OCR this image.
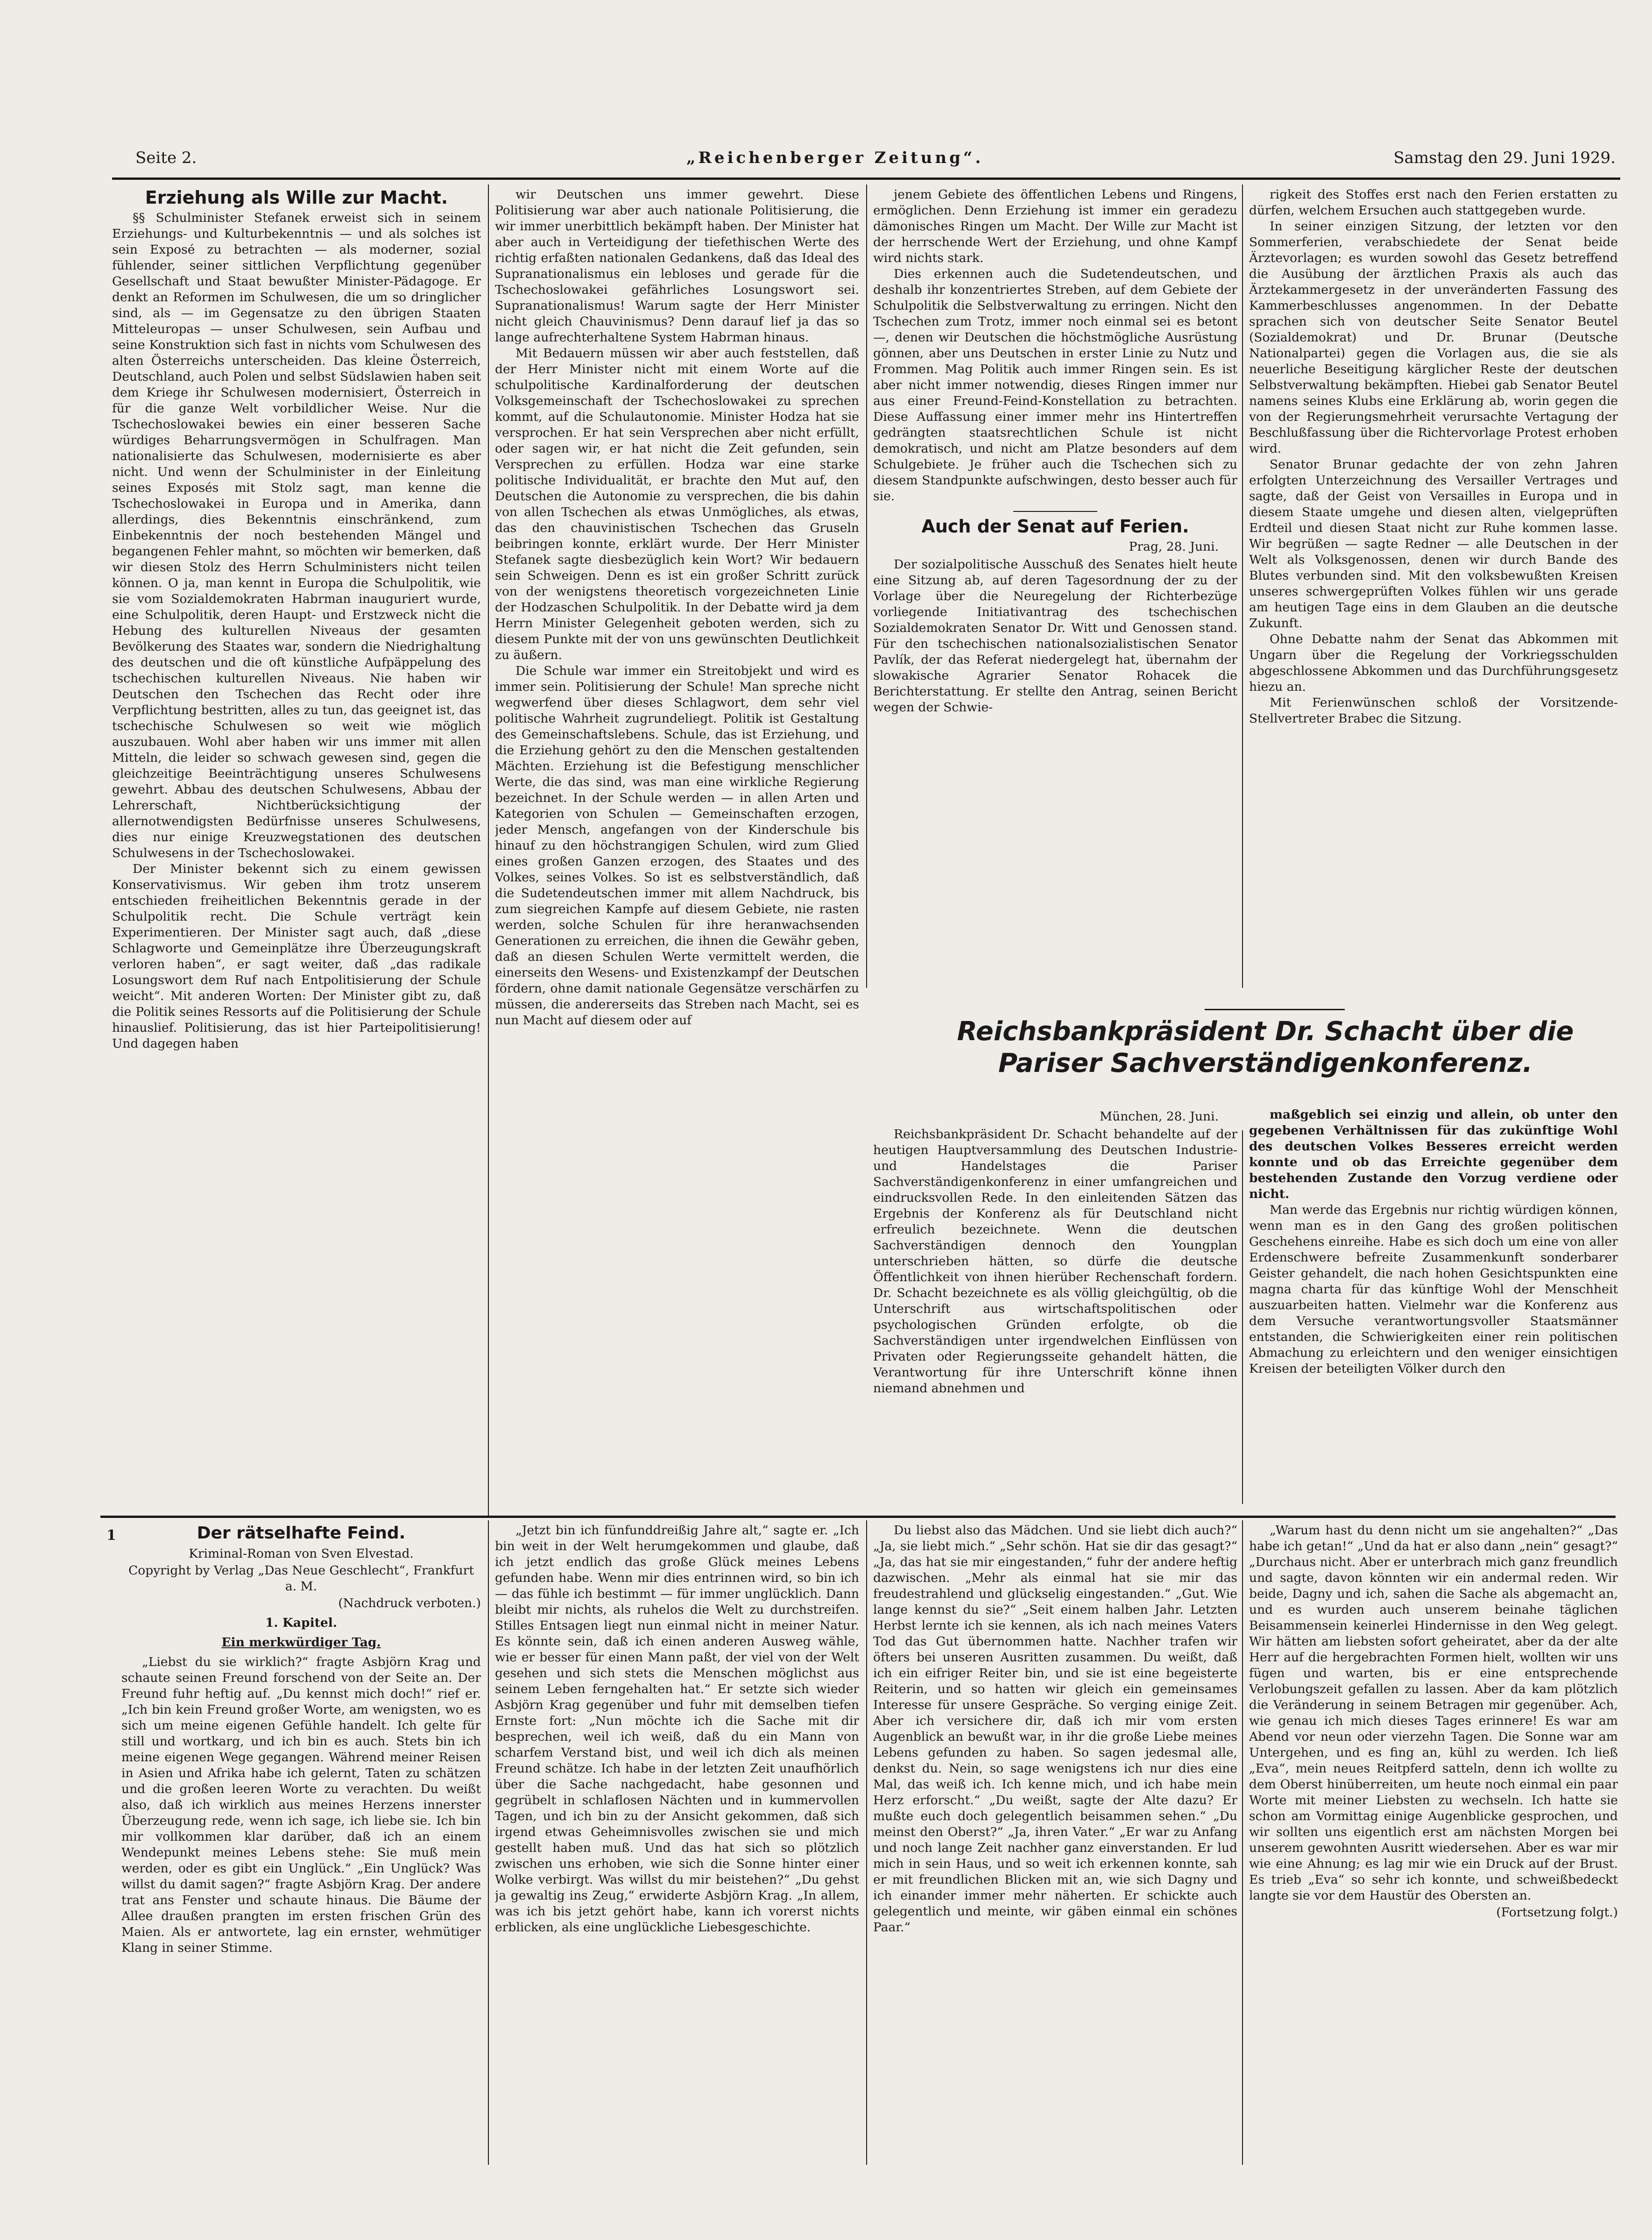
Seite 2.	„Reichenberger Zeitung“.	Samstag den 29. Juni 1929.
Erziehung als Wille zur Macht.

§§ Schulminister Stefanek erweist sich in seinem Erziehungs- und Kulturbekenntnis — und als solches ist sein Exposé zu betrachten — als moderner, sozial fühlender, seiner sittlichen Verpflichtung gegenüber Gesellschaft und Staat bewußter Minister-Pädagoge. Er denkt an Reformen im Schulwesen, die um so dringlicher sind, als — im Gegensatze zu den übrigen Staaten Mitteleuropas — unser Schulwesen, sein Aufbau und seine Konstruktion sich fast in nichts vom Schulwesen des alten Österreichs unterscheiden. Das kleine Österreich, Deutschland, auch Polen und selbst Südslawien haben seit dem Kriege ihr Schulwesen modernisiert, Österreich in für die ganze Welt vorbildlicher Weise. Nur die Tschechoslowakei bewies ein einer besseren Sache würdiges Beharrungsvermögen in Schulfragen. Man nationalisierte das Schulwesen, modernisierte es aber nicht. Und wenn der Schulminister in der Einleitung seines Exposés mit Stolz sagt, man kenne die Tschechoslowakei in Europa und in Amerika, dann allerdings, dies Bekenntnis einschränkend, zum Einbekenntnis der noch bestehenden Mängel und begangenen Fehler mahnt, so möchten wir bemerken, daß wir diesen Stolz des Herrn Schulministers nicht teilen können. O ja, man kennt in Europa die Schulpolitik, wie sie vom Sozialdemokraten Habrman inauguriert wurde, eine Schulpolitik, deren Haupt- und Erstzweck nicht die Hebung des kulturellen Niveaus der gesamten Bevölkerung des Staates war, sondern die Niedrighaltung des deutschen und die oft künstliche Aufpäppelung des tschechischen kulturellen Niveaus. Nie haben wir Deutschen den Tschechen das Recht oder ihre Verpflichtung bestritten, alles zu tun, das geeignet ist, das tschechische Schulwesen so weit wie möglich auszubauen. Wohl aber haben wir uns immer mit allen Mitteln, die leider so schwach gewesen sind, gegen die gleichzeitige Beeinträchtigung unseres Schulwesens gewehrt. Abbau des deutschen Schulwesens, Abbau der Lehrerschaft, Nichtberücksichtigung der allernotwendigsten Bedürfnisse unseres Schulwesens, dies nur einige Kreuzwegstationen des deutschen Schulwesens in der Tschechoslowakei.

Der Minister bekennt sich zu einem gewissen Konservativismus. Wir geben ihm trotz unserem entschieden freiheitlichen Bekenntnis gerade in der Schulpolitik recht. Die Schule verträgt kein Experimentieren. Der Minister sagt auch, daß „diese Schlagworte und Gemeinplätze ihre Überzeugungskraft verloren haben“, er sagt weiter, daß „das radikale Losungswort dem Ruf nach Entpolitisierung der Schule weicht“. Mit anderen Worten: Der Minister gibt zu, daß die Politik seines Ressorts auf die Politisierung der Schule hinauslief. Politisierung, das ist hier Parteipolitisierung! Und dagegen haben

wir Deutschen uns immer gewehrt. Diese Politisierung war aber auch nationale Politisierung, die wir immer unerbittlich bekämpft haben. Der Minister hat aber auch in Verteidigung der tiefethischen Werte des richtig erfaßten nationalen Gedankens, daß das Ideal des Supranationalismus ein lebloses und gerade für die Tschechoslowakei gefährliches Losungswort sei. Supranationalismus! Warum sagte der Herr Minister nicht gleich Chauvinismus? Denn darauf lief ja das so lange aufrechterhaltene System Habrman hinaus.

Mit Bedauern müssen wir aber auch feststellen, daß der Herr Minister nicht mit einem Worte auf die schulpolitische Kardinalforderung der deutschen Volksgemeinschaft der Tschechoslowakei zu sprechen kommt, auf die Schulautonomie. Minister Hodza hat sie versprochen. Er hat sein Versprechen aber nicht erfüllt, oder sagen wir, er hat nicht die Zeit gefunden, sein Versprechen zu erfüllen. Hodza war eine starke politische Individualität, er brachte den Mut auf, den Deutschen die Autonomie zu versprechen, die bis dahin von allen Tschechen als etwas Unmögliches, als etwas, das den chauvinistischen Tschechen das Gruseln beibringen konnte, erklärt wurde. Der Herr Minister Stefanek sagte diesbezüglich kein Wort? Wir bedauern sein Schweigen. Denn es ist ein großer Schritt zurück von der wenigstens theoretisch vorgezeichneten Linie der Hodzaschen Schulpolitik. In der Debatte wird ja dem Herrn Minister Gelegenheit geboten werden, sich zu diesem Punkte mit der von uns gewünschten Deutlichkeit zu äußern.

Die Schule war immer ein Streitobjekt und wird es immer sein. Politisierung der Schule! Man spreche nicht wegwerfend über dieses Schlagwort, dem sehr viel politische Wahrheit zugrundeliegt. Politik ist Gestaltung des Gemeinschaftslebens. Schule, das ist Erziehung, und die Erziehung gehört zu den die Menschen gestaltenden Mächten. Erziehung ist die Befestigung menschlicher Werte, die das sind, was man eine wirkliche Regierung bezeichnet. In der Schule werden — in allen Arten und Kategorien von Schulen — Gemeinschaften erzogen, jeder Mensch, angefangen von der Kinderschule bis hinauf zu den höchstrangigen Schulen, wird zum Glied eines großen Ganzen erzogen, des Staates und des Volkes, seines Volkes. So ist es selbstverständlich, daß die Sudetendeutschen immer mit allem Nachdruck, bis zum siegreichen Kampfe auf diesem Gebiete, nie rasten werden, solche Schulen für ihre heranwachsenden Generationen zu erreichen, die ihnen die Gewähr geben, daß an diesen Schulen Werte vermittelt werden, die einerseits den Wesens- und Existenzkampf der Deutschen fördern, ohne damit nationale Gegensätze verschärfen zu müssen, die andererseits das Streben nach Macht, sei es nun Macht auf diesem oder auf

jenem Gebiete des öffentlichen Lebens und Ringens, ermöglichen. Denn Erziehung ist immer ein geradezu dämonisches Ringen um Macht. Der Wille zur Macht ist der herrschende Wert der Erziehung, und ohne Kampf wird nichts stark.

Dies erkennen auch die Sudetendeutschen, und deshalb ihr konzentriertes Streben, auf dem Gebiete der Schulpolitik die Selbstverwaltung zu erringen. Nicht den Tschechen zum Trotz, immer noch einmal sei es betont —, denen wir Deutschen die höchstmögliche Ausrüstung gönnen, aber uns Deutschen in erster Linie zu Nutz und Frommen. Mag Politik auch immer Ringen sein. Es ist aber nicht immer notwendig, dieses Ringen immer nur aus einer Freund-Feind-Konstellation zu betrachten. Diese Auffassung einer immer mehr ins Hintertreffen gedrängten staatsrechtlichen Schule ist nicht demokratisch, und nicht am Platze besonders auf dem Schulgebiete. Je früher auch die Tschechen sich zu diesem Standpunkte aufschwingen, desto besser auch für sie.

Auch der Senat auf Ferien.
Prag, 28. Juni.

Der sozialpolitische Ausschuß des Senates hielt heute eine Sitzung ab, auf deren Tagesordnung der zu der Vorlage über die Neuregelung der Richterbezüge vorliegende Initiativantrag des tschechischen Sozialdemokraten Senator Dr. Witt und Genossen stand. Für den tschechischen nationalsozialistischen Senator Pavlík, der das Referat niedergelegt hat, übernahm der slowakische Agrarier Senator Rohacek die Berichterstattung. Er stellte den Antrag, seinen Bericht wegen der Schwie-

rigkeit des Stoffes erst nach den Ferien erstatten zu dürfen, welchem Ersuchen auch stattgegeben wurde.

In seiner einzigen Sitzung, der letzten vor den Sommerferien, verabschiedete der Senat beide Ärztevorlagen; es wurden sowohl das Gesetz betreffend die Ausübung der ärztlichen Praxis als auch das Ärztekammergesetz in der unveränderten Fassung des Kammerbeschlusses angenommen. In der Debatte sprachen sich von deutscher Seite Senator Beutel (Sozialdemokrat) und Dr. Brunar (Deutsche Nationalpartei) gegen die Vorlagen aus, die sie als neuerliche Beseitigung kärglicher Reste der deutschen Selbstverwaltung bekämpften. Hiebei gab Senator Beutel namens seines Klubs eine Erklärung ab, worin gegen die von der Regierungsmehrheit verursachte Vertagung der Beschlußfassung über die Richtervorlage Protest erhoben wird.

Senator Brunar gedachte der von zehn Jahren erfolgten Unterzeichnung des Versailler Vertrages und sagte, daß der Geist von Versailles in Europa und in diesem Staate umgehe und diesen alten, vielgeprüften Erdteil und diesen Staat nicht zur Ruhe kommen lasse. Wir begrüßen — sagte Redner — alle Deutschen in der Welt als Volksgenossen, denen wir durch Bande des Blutes verbunden sind. Mit den volksbewußten Kreisen unseres schwergeprüften Volkes fühlen wir uns gerade am heutigen Tage eins in dem Glauben an die deutsche Zukunft.

Ohne Debatte nahm der Senat das Abkommen mit Ungarn über die Regelung der Vorkriegsschulden abgeschlossene Abkommen und das Durchführungsgesetz hiezu an.

Mit Ferienwünschen schloß der Vorsitzende-Stellvertreter Brabec die Sitzung.

Reichsbankpräsident Dr. Schacht über die
Pariser Sachverständigenkonferenz.
München, 28. Juni.

Reichsbankpräsident Dr. Schacht behandelte auf der heutigen Hauptversammlung des Deutschen Industrie- und Handelstages die Pariser Sachverständigenkonferenz in einer umfangreichen und eindrucksvollen Rede. In den einleitenden Sätzen das Ergebnis der Konferenz als für Deutschland nicht erfreulich bezeichnete. Wenn die deutschen Sachverständigen dennoch den Youngplan unterschrieben hätten, so dürfe die deutsche Öffentlichkeit von ihnen hierüber Rechenschaft fordern. Dr. Schacht bezeichnete es als völlig gleichgültig, ob die Unterschrift aus wirtschaftspolitischen oder psychologischen Gründen erfolgte, ob die Sachverständigen unter irgendwelchen Einflüssen von Privaten oder Regierungsseite gehandelt hätten, die Verantwortung für ihre Unterschrift könne ihnen niemand abnehmen und

maßgeblich sei einzig und allein, ob unter den gegebenen Verhältnissen für das zukünftige Wohl des deutschen Volkes Besseres erreicht werden konnte und ob das Erreichte gegenüber dem bestehenden Zustande den Vorzug verdiene oder nicht.

Man werde das Ergebnis nur richtig würdigen können, wenn man es in den Gang des großen politischen Geschehens einreihe. Habe es sich doch um eine von aller Erdenschwere befreite Zusammenkunft sonderbarer Geister gehandelt, die nach hohen Gesichtspunkten eine magna charta für das künftige Wohl der Menschheit auszuarbeiten hatten. Vielmehr war die Konferenz aus dem Versuche verantwortungsvoller Staatsmänner entstanden, die Schwierigkeiten einer rein politischen Abmachung zu erleichtern und den weniger einsichtigen Kreisen der beteiligten Völker durch den

1	Der rätselhafte Feind.
Kriminal-Roman von Sven Elvestad.
Copyright by Verlag „Das Neue Geschlecht“, Frankfurt a. M.
(Nachdruck verboten.)
1. Kapitel.
Ein merkwürdiger Tag.

„Liebst du sie wirklich?“ fragte Asbjörn Krag und schaute seinen Freund forschend von der Seite an. Der Freund fuhr heftig auf. „Du kennst mich doch!“ rief er. „Ich bin kein Freund großer Worte, am wenigsten, wo es sich um meine eigenen Gefühle handelt. Ich gelte für still und wortkarg, und ich bin es auch. Stets bin ich meine eigenen Wege gegangen. Während meiner Reisen in Asien und Afrika habe ich gelernt, Taten zu schätzen und die großen leeren Worte zu verachten. Du weißt also, daß ich wirklich aus meines Herzens innerster Überzeugung rede, wenn ich sage, ich liebe sie. Ich bin mir vollkommen klar darüber, daß ich an einem Wendepunkt meines Lebens stehe: Sie muß mein werden, oder es gibt ein Unglück.“ „Ein Unglück? Was willst du damit sagen?“ fragte Asbjörn Krag. Der andere trat ans Fenster und schaute hinaus. Die Bäume der Allee draußen prangten im ersten frischen Grün des Maien. Als er antwortete, lag ein ernster, wehmütiger Klang in seiner Stimme.

„Jetzt bin ich fünfunddreißig Jahre alt,“ sagte er. „Ich bin weit in der Welt herumgekommen und glaube, daß ich jetzt endlich das große Glück meines Lebens gefunden habe. Wenn mir dies entrinnen wird, so bin ich — das fühle ich bestimmt — für immer unglücklich. Dann bleibt mir nichts, als ruhelos die Welt zu durchstreifen. Stilles Entsagen liegt nun einmal nicht in meiner Natur. Es könnte sein, daß ich einen anderen Ausweg wähle, wie er besser für einen Mann paßt, der viel von der Welt gesehen und sich stets die Menschen möglichst aus seinem Leben ferngehalten hat.“ Er setzte sich wieder Asbjörn Krag gegenüber und fuhr mit demselben tiefen Ernste fort: „Nun möchte ich die Sache mit dir besprechen, weil ich weiß, daß du ein Mann von scharfem Verstand bist, und weil ich dich als meinen Freund schätze. Ich habe in der letzten Zeit unaufhörlich über die Sache nachgedacht, habe gesonnen und gegrübelt in schlaflosen Nächten und in kummervollen Tagen, und ich bin zu der Ansicht gekommen, daß sich irgend etwas Geheimnisvolles zwischen sie und mich gestellt haben muß. Und das hat sich so plötzlich zwischen uns erhoben, wie sich die Sonne hinter einer Wolke verbirgt. Was willst du mir beistehen?“ „Du gehst ja gewaltig ins Zeug,“ erwiderte Asbjörn Krag. „In allem, was ich bis jetzt gehört habe, kann ich vorerst nichts erblicken, als eine unglückliche Liebesgeschichte.

Du liebst also das Mädchen. Und sie liebt dich auch?“ „Ja, sie liebt mich.“ „Sehr schön. Hat sie dir das gesagt?“ „Ja, das hat sie mir eingestanden,“ fuhr der andere heftig dazwischen. „Mehr als einmal hat sie mir das freudestrahlend und glückselig eingestanden.“ „Gut. Wie lange kennst du sie?“ „Seit einem halben Jahr. Letzten Herbst lernte ich sie kennen, als ich nach meines Vaters Tod das Gut übernommen hatte. Nachher trafen wir öfters bei unseren Ausritten zusammen. Du weißt, daß ich ein eifriger Reiter bin, und sie ist eine begeisterte Reiterin, und so hatten wir gleich ein gemeinsames Interesse für unsere Gespräche. So verging einige Zeit. Aber ich versichere dir, daß ich mir vom ersten Augenblick an bewußt war, in ihr die große Liebe meines Lebens gefunden zu haben. So sagen jedesmal alle, denkst du. Nein, so sage wenigstens ich nur dies eine Mal, das weiß ich. Ich kenne mich, und ich habe mein Herz erforscht.“ „Du weißt, sagte der Alte dazu? Er mußte euch doch gelegentlich beisammen sehen.“ „Du meinst den Oberst?“ „Ja, ihren Vater.“ „Er war zu Anfang und noch lange Zeit nachher ganz einverstanden. Er lud mich in sein Haus, und so weit ich erkennen konnte, sah er mit freundlichen Blicken mit an, wie sich Dagny und ich einander immer mehr näherten. Er schickte auch gelegentlich und meinte, wir gäben einmal ein schönes Paar.“

„Warum hast du denn nicht um sie angehalten?“ „Das habe ich getan!“ „Und da hat er also dann „nein“ gesagt?“ „Durchaus nicht. Aber er unterbrach mich ganz freundlich und sagte, davon könnten wir ein andermal reden. Wir beide, Dagny und ich, sahen die Sache als abgemacht an, und es wurden auch unserem beinahe täglichen Beisammensein keinerlei Hindernisse in den Weg gelegt. Wir hätten am liebsten sofort geheiratet, aber da der alte Herr auf die hergebrachten Formen hielt, wollten wir uns fügen und warten, bis er eine entsprechende Verlobungszeit gefallen zu lassen. Aber da kam plötzlich die Veränderung in seinem Betragen mir gegenüber. Ach, wie genau ich mich dieses Tages erinnere! Es war am Abend vor neun oder vierzehn Tagen. Die Sonne war am Untergehen, und es fing an, kühl zu werden. Ich ließ „Eva“, mein neues Reitpferd satteln, denn ich wollte zu dem Oberst hinüberreiten, um heute noch einmal ein paar Worte mit meiner Liebsten zu wechseln. Ich hatte sie schon am Vormittag einige Augenblicke gesprochen, und wir sollten uns eigentlich erst am nächsten Morgen bei unserem gewohnten Ausritt wiedersehen. Aber es war mir wie eine Ahnung; es lag mir wie ein Druck auf der Brust. Es trieb „Eva“ so sehr ich konnte, und schweißbedeckt langte sie vor dem Haustür des Obersten an.

(Fortsetzung folgt.)
